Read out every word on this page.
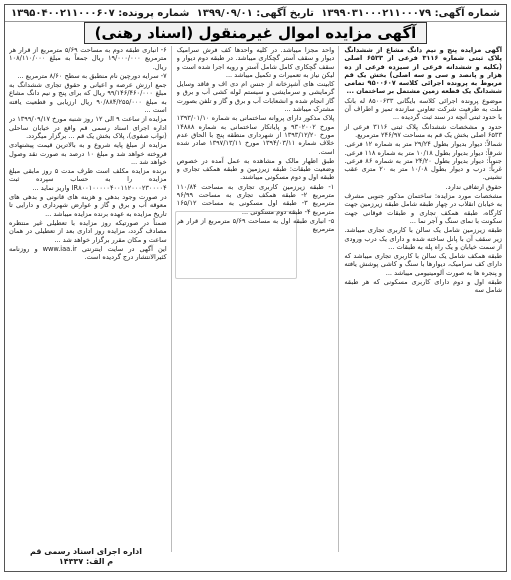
شماره آگهی: ۱۳۹۹۰۳۱۰۰۰۲۱۱۰۰۰۷۹
تاریخ آگهی: ۱۳۹۹/۰۹/۰۱
شماره پرونده: ۱۳۹۵۰۴۰۰۲۱۱۰۰۰۶۰۷
آگهی مزایده اموال غیرمنقول (اسناد رهنی)

آگهی مزایده پنج و نیم دانگ مشاع از ششدانگ پلاک ثبتی شماره ۳۱۱۶ فرعی از ۶۵۳۳ اصلی (بکلیه و ششدانه فرعی از سیزده فرعی از ده هزار و پانصد و سی و سه اصلی) بخش یک قم مربوط به پرونده اجرائی کلاسه ۹۵۰۰۶۰۷ تمامی ششدانگ یک قطعه زمین مشتمل بر ساختمان ...

موضوع پرونده اجرائی کلاسه بایگانی ۸۵۰۰۶۳۳ له بانک ملت به طرفیت شرکت تعاونی سازنده تمیز و اطراف آن با حدود ثبتی آنچه در سند ثبت گردیده ...

حدود و مشخصات ششدانگ پلاک ثبتی ۳۱۱۶ فرعی از ۶۵۳۳ اصلی بخش یک قم به مساحت ۲۴۶/۹۷ مترمربع.

شمالاً: دیوار بدیوار بطول ۲۹/۲۴ متر به شماره ۱۲ فرعی. شرقاً: دیوار بدیوار بطول ۱۰/۱۸ متر به شماره ۱۱۸ فرعی. جنوباً: دیوار بدیوار بطول ۲۴/۲۰ متر به شماره ۸۶ فرعی. غرباً: درب و دیوار بطول ۱۰/۰۸ متر به ۲۰ متری عقب نشینی.

حقوق ارتفاقی ندارد.

مشخصات مورد مزایده: ساختمان مذکور جنوبی مشرف به خیابان انقلاب در چهار طبقه شامل طبقه زیرزمین جهت کارگاه، طبقه همکف تجاری و طبقات فوقانی جهت سکونت با نمای سنگ و آجر نما ...

طبقه زیرزمین شامل یک سالن با کاربری تجاری میباشد. زیر سقف آن با پانل ساخته شده و دارای یک درب ورودی از سمت خیابان و یک راه پله به طبقات ...

طبقه همکف شامل یک سالن با کاربری تجاری میباشد که دارای کف سرامیک، دیوارها با سنگ و کاشی پوشش یافته و پنجره ها به صورت آلومینیومی میباشد ...

طبقه اول و دوم دارای کاربری مسکونی که هر طبقه شامل سه

واحد مجزا میباشد. در کلیه واحدها کف فرش سرامیک دیوار و سقف آستر گچکاری میباشد. در طبقه دوم دیوار و سقف گچکاری کامل شامل آستر و رویه اجرا شده است و لیکن نیاز به تعمیرات و تکمیل میباشد ...

کابینت های آشپزخانه از جنس ام دی اف و فاقد وسایل گرمایشی و سرمایشی و سیستم لوله کشی آب و برق و گاز انجام شده و انشعابات آب و برق و گاز و تلفن بصورت مشترک میباشد ...

پلاک مذکور دارای پروانه ساختمانی به شماره ۱۳۹۳/۰۱/۱۰ مورخ ۹۳۰۲۰۰۲ و پایانکار ساختمانی به شماره ۱۴۸۸۸ مورخ ۱۳۹۳/۱۲/۲۰ از شهرداری منطقه پنج با الحاق عدم خلاف شماره ۱۳۹۴/۰۳/۱۱ مورخ ۱۳۹۷/۱۳/۱۱ صادر شده است.

طبق اظهار مالک و مشاهده به عمل آمده در خصوص وضعیت طبقات: طبقه زیرزمین و طبقه همکف تجاری و طبقه اول و دوم مسکونی میباشند.

۱- طبقه زیرزمین کاربری تجاری به مساحت ۱۱۰/۸۴ مترمربع ۲- طبقه همکف تجاری به مساحت ۹۶/۹۹ مترمربع ۳- طبقه اول مسکونی به مساحت ۱۶۵/۱۲ مترمربع ۴- طبقه دوم مسکونی ...

۵- انباری طبقه اول به مساحت ۵/۶۹ مترمربع از قرار هر مترمربع

۶- انباری طبقه دوم به مساحت ۵/۶۹ مترمربع از قرار هر مترمربع ۱۹/۰۰۰/۰۰۰ ریال جمعاً به مبلغ ۱۰۸/۱۱۰/۰۰۰ ریال.

۷- سرایه دورچین نام منطبق به سطح ۸/۶۰ مترمربع ...

جمع ارزش عرصه و اعیانی و حقوق تجاری ششدانگ به مبلغ ۹۹/۱۴۶/۴۶۰/۰۰۰ ریال که برای پنج و نیم دانگ مشاع به مبلغ ۹۰/۸۸۴/۲۵۵/۰۰۰ ریال ارزیابی و قطعیت یافته است ...

مزایده از ساعت ۹ الی ۱۲ روز شنبه مورخ ۱۳۹۹/۰۹/۱۷ در اداره اجرای اسناد رسمی قم واقع در خیابان ساحلی (نواب صفوی)، پلاک بخش یک قم ... برگزار میگردد.

مزایده از مبلغ پایه شروع و به بالاترین قیمت پیشنهادی فروخته خواهد شد و مبلغ ۱۰ درصد به صورت نقد وصول خواهد شد ...

برنده مزایده مکلف است ظرف مدت ۵ روز مابقی مبلغ مزایده را به حساب سپرده ثبت IR۸۰۰۱۰۰۰۰۰۴۰۰۱۱۲۰۰۰۲۳۰۰۰۰۴ واریز نماید ...

در صورت وجود بدهی و هزینه های قانونی و بدهی های معوقه آب و برق و گاز و عوارض شهرداری و دارایی تا تاریخ مزایده به عهده برنده مزایده میباشد ...

ضمناً در صورتیکه روز مزایده با تعطیلی غیر منتظره مصادف گردد، مزایده روز اداری بعد از تعطیلی در همان ساعت و مکان مقرر برگزار خواهد شد ...

این آگهی در سایت اینترنتی www.iaa.ir و روزنامه کثیرالانتشار درج گردیده است.

اداره اجرای اسناد رسمی قم
م الف: ۱۴۳۳۷
